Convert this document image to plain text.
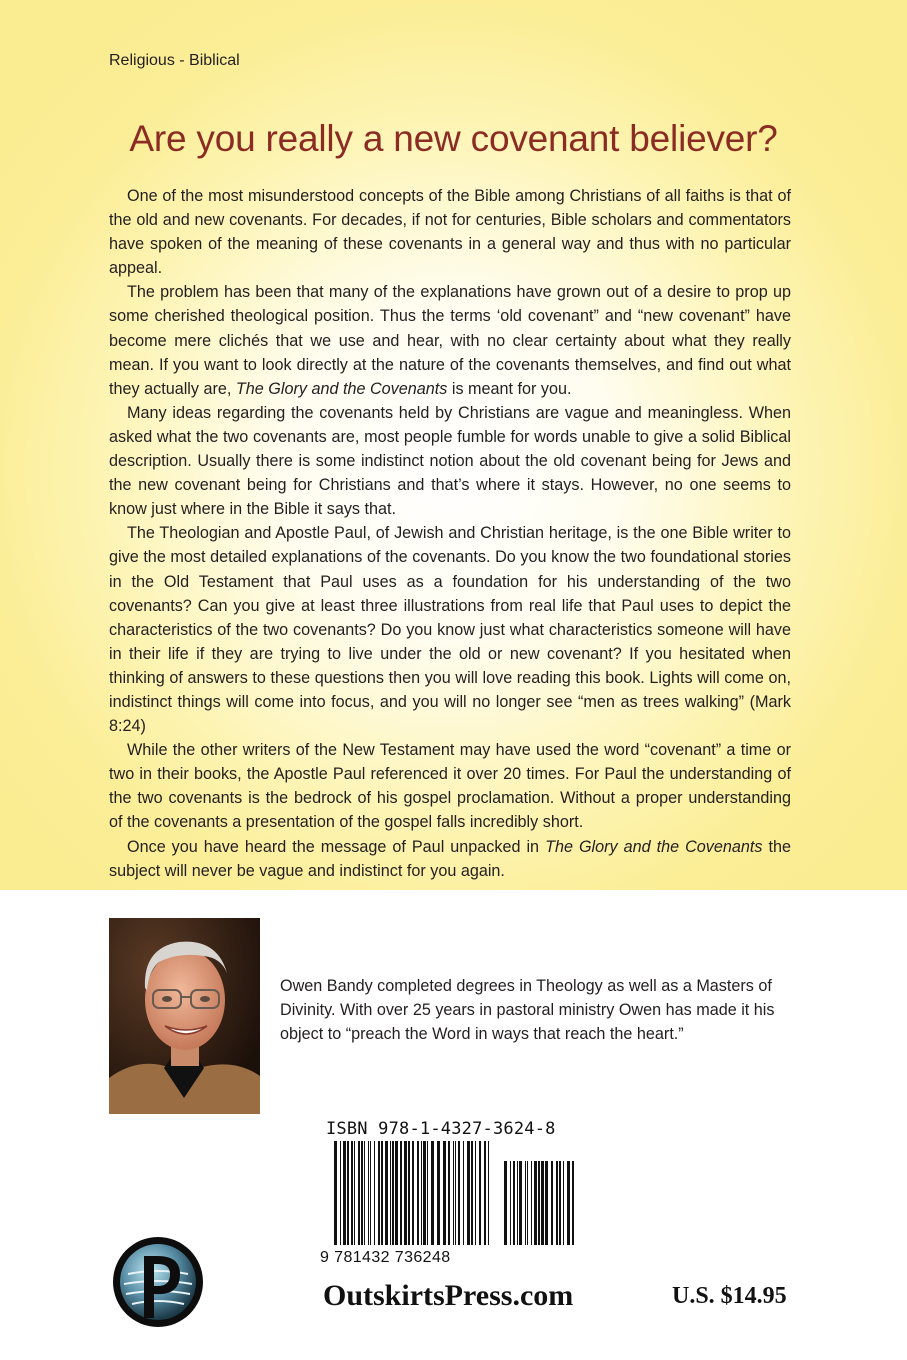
Religious - Biblical
Are you really a new covenant believer?

One of the most misunderstood concepts of the Bible among Christians of all faiths is that of the old and new covenants. For decades, if not for centuries, Bible scholars and commentators have spoken of the meaning of these covenants in a general way and thus with no particular appeal.

The problem has been that many of the explanations have grown out of a desire to prop up some cherished theological position. Thus the terms ‘old covenant” and “new covenant” have become mere clichés that we use and hear, with no clear certainty about what they really mean. If you want to look directly at the nature of the covenants themselves, and find out what they actually are, The Glory and the Covenants is meant for you.

Many ideas regarding the covenants held by Christians are vague and meaningless. When asked what the two covenants are, most people fumble for words unable to give a solid Biblical description. Usually there is some indistinct notion about the old covenant being for Jews and the new covenant being for Christians and that’s where it stays. However, no one seems to know just where in the Bible it says that.

The Theologian and Apostle Paul, of Jewish and Christian heritage, is the one Bible writer to give the most detailed explanations of the covenants. Do you know the two foundational stories in the Old Testament that Paul uses as a foundation for his understanding of the two covenants? Can you give at least three illustrations from real life that Paul uses to depict the characteristics of the two covenants? Do you know just what characteristics someone will have in their life if they are trying to live under the old or new covenant? If you hesitated when thinking of answers to these questions then you will love reading this book. Lights will come on, indistinct things will come into focus, and you will no longer see “men as trees walking” (Mark 8:24)

While the other writers of the New Testament may have used the word “covenant” a time or two in their books, the Apostle Paul referenced it over 20 times. For Paul the understanding of the two covenants is the bedrock of his gospel proclamation. Without a proper understanding of the covenants a presentation of the gospel falls incredibly short.

Once you have heard the message of Paul unpacked in The Glory and the Covenants the subject will never be vague and indistinct for you again.

Owen Bandy completed degrees in Theology as well as a Masters of Divinity. With over 25 years in pastoral ministry Owen has made it his object to “preach the Word in ways that reach the heart.”
ISBN 978-1-4327-3624-8
9 781432 736248
OutskirtsPress.com	U.S. $14.95
